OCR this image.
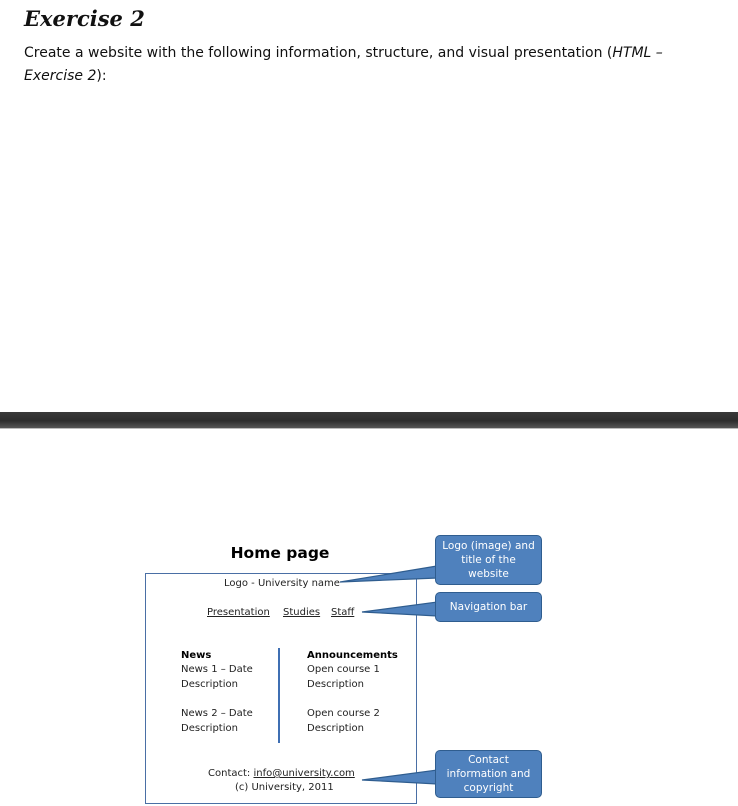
Exercise 2
Create a website with the following information, structure, and visual presentation (HTML – Exercise 2):
Home page
Logo - University name
Presentation Studies Staff
News
News 1 – Date
Description
News 2 – Date
Description
Announcements
Open course 1
Description
Open course 2
Description
Contact: info@university.com
(c) University, 2011
Logo (image) and
title of the
website
Navigation bar
Contact
information and
copyright
